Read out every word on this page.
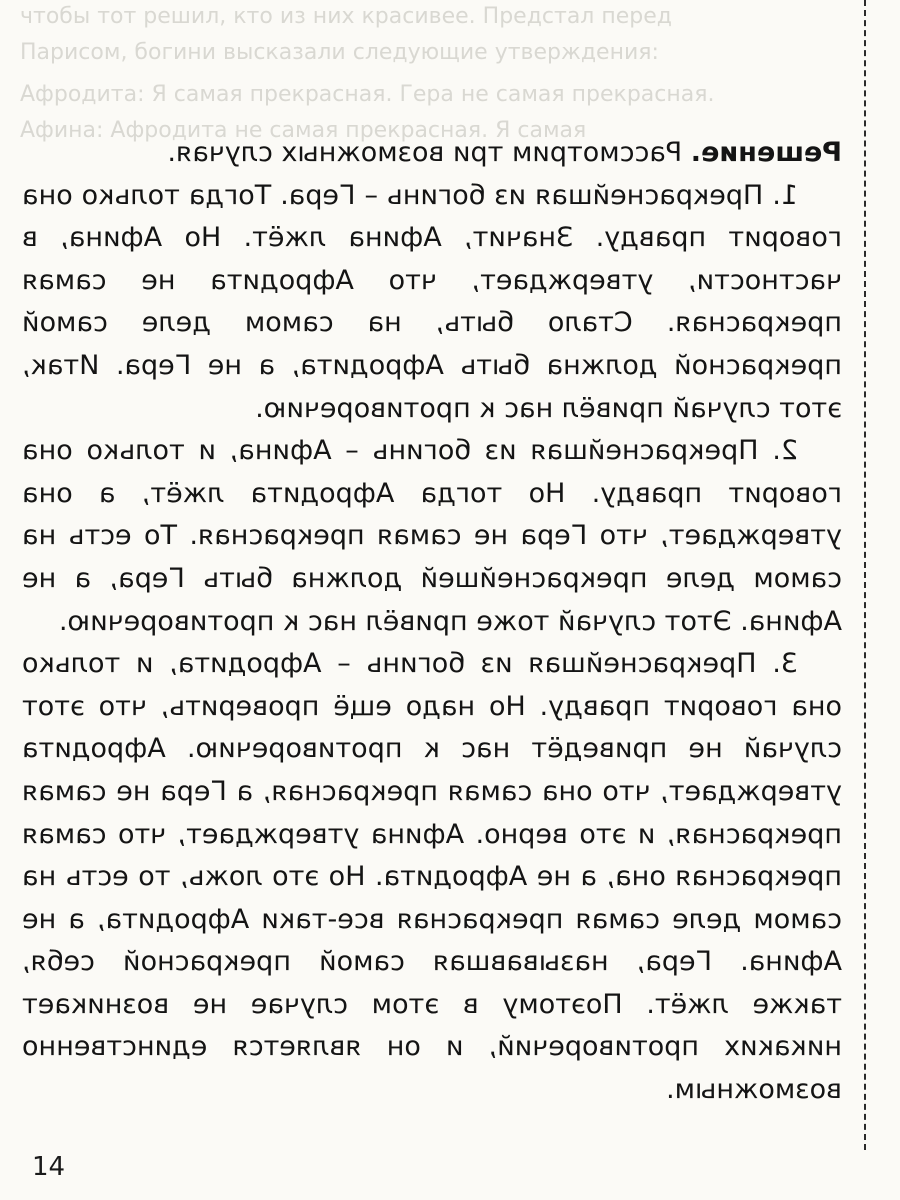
чтобы тот решил, кто из них красивее. Предстал перед
Парисом, богини высказали следующие утверждения:
Афродита: Я самая прекрасная. Гера не самая прекрасная.
Афина: Афродита не самая прекрасная. Я самая

Решение. Рассмотрим три возможных случая.

1. Прекраснейшая из богинь – Гера. Тогда только она говорит правду. Значит, Афина лжёт. Но Афина, в частности, утверждает, что Афродита не самая прекрасная. Стало быть, на самом деле самой прекрасной должна быть Афродита, а не Гера. Итак, этот случай привёл нас к противоречию.

2. Прекраснейшая из богинь – Афина, и только она говорит правду. Но тогда Афродита лжёт, а она утверждает, что Гера не самая прекрасная. То есть на самом деле прекраснейшей должна быть Гера, а не Афина. Этот случай тоже привёл нас к противоречию.

3. Прекраснейшая из богинь – Афродита, и только она говорит правду. Но надо ещё проверить, что этот случай не приведёт нас к противоречию. Афродита утверждает, что она самая прекрасная, а Гера не самая прекрасная, и это верно. Афина утверждает, что самая прекрасная она, а не Афродита. Но это ложь, то есть на самом деле самая прекрасная все-таки Афродита, а не Афина. Гера, называвшая самой прекрасной себя, также лжёт. Поэтому в этом случае не возникает никаких противоречий, и он является единственно возможным.

14
